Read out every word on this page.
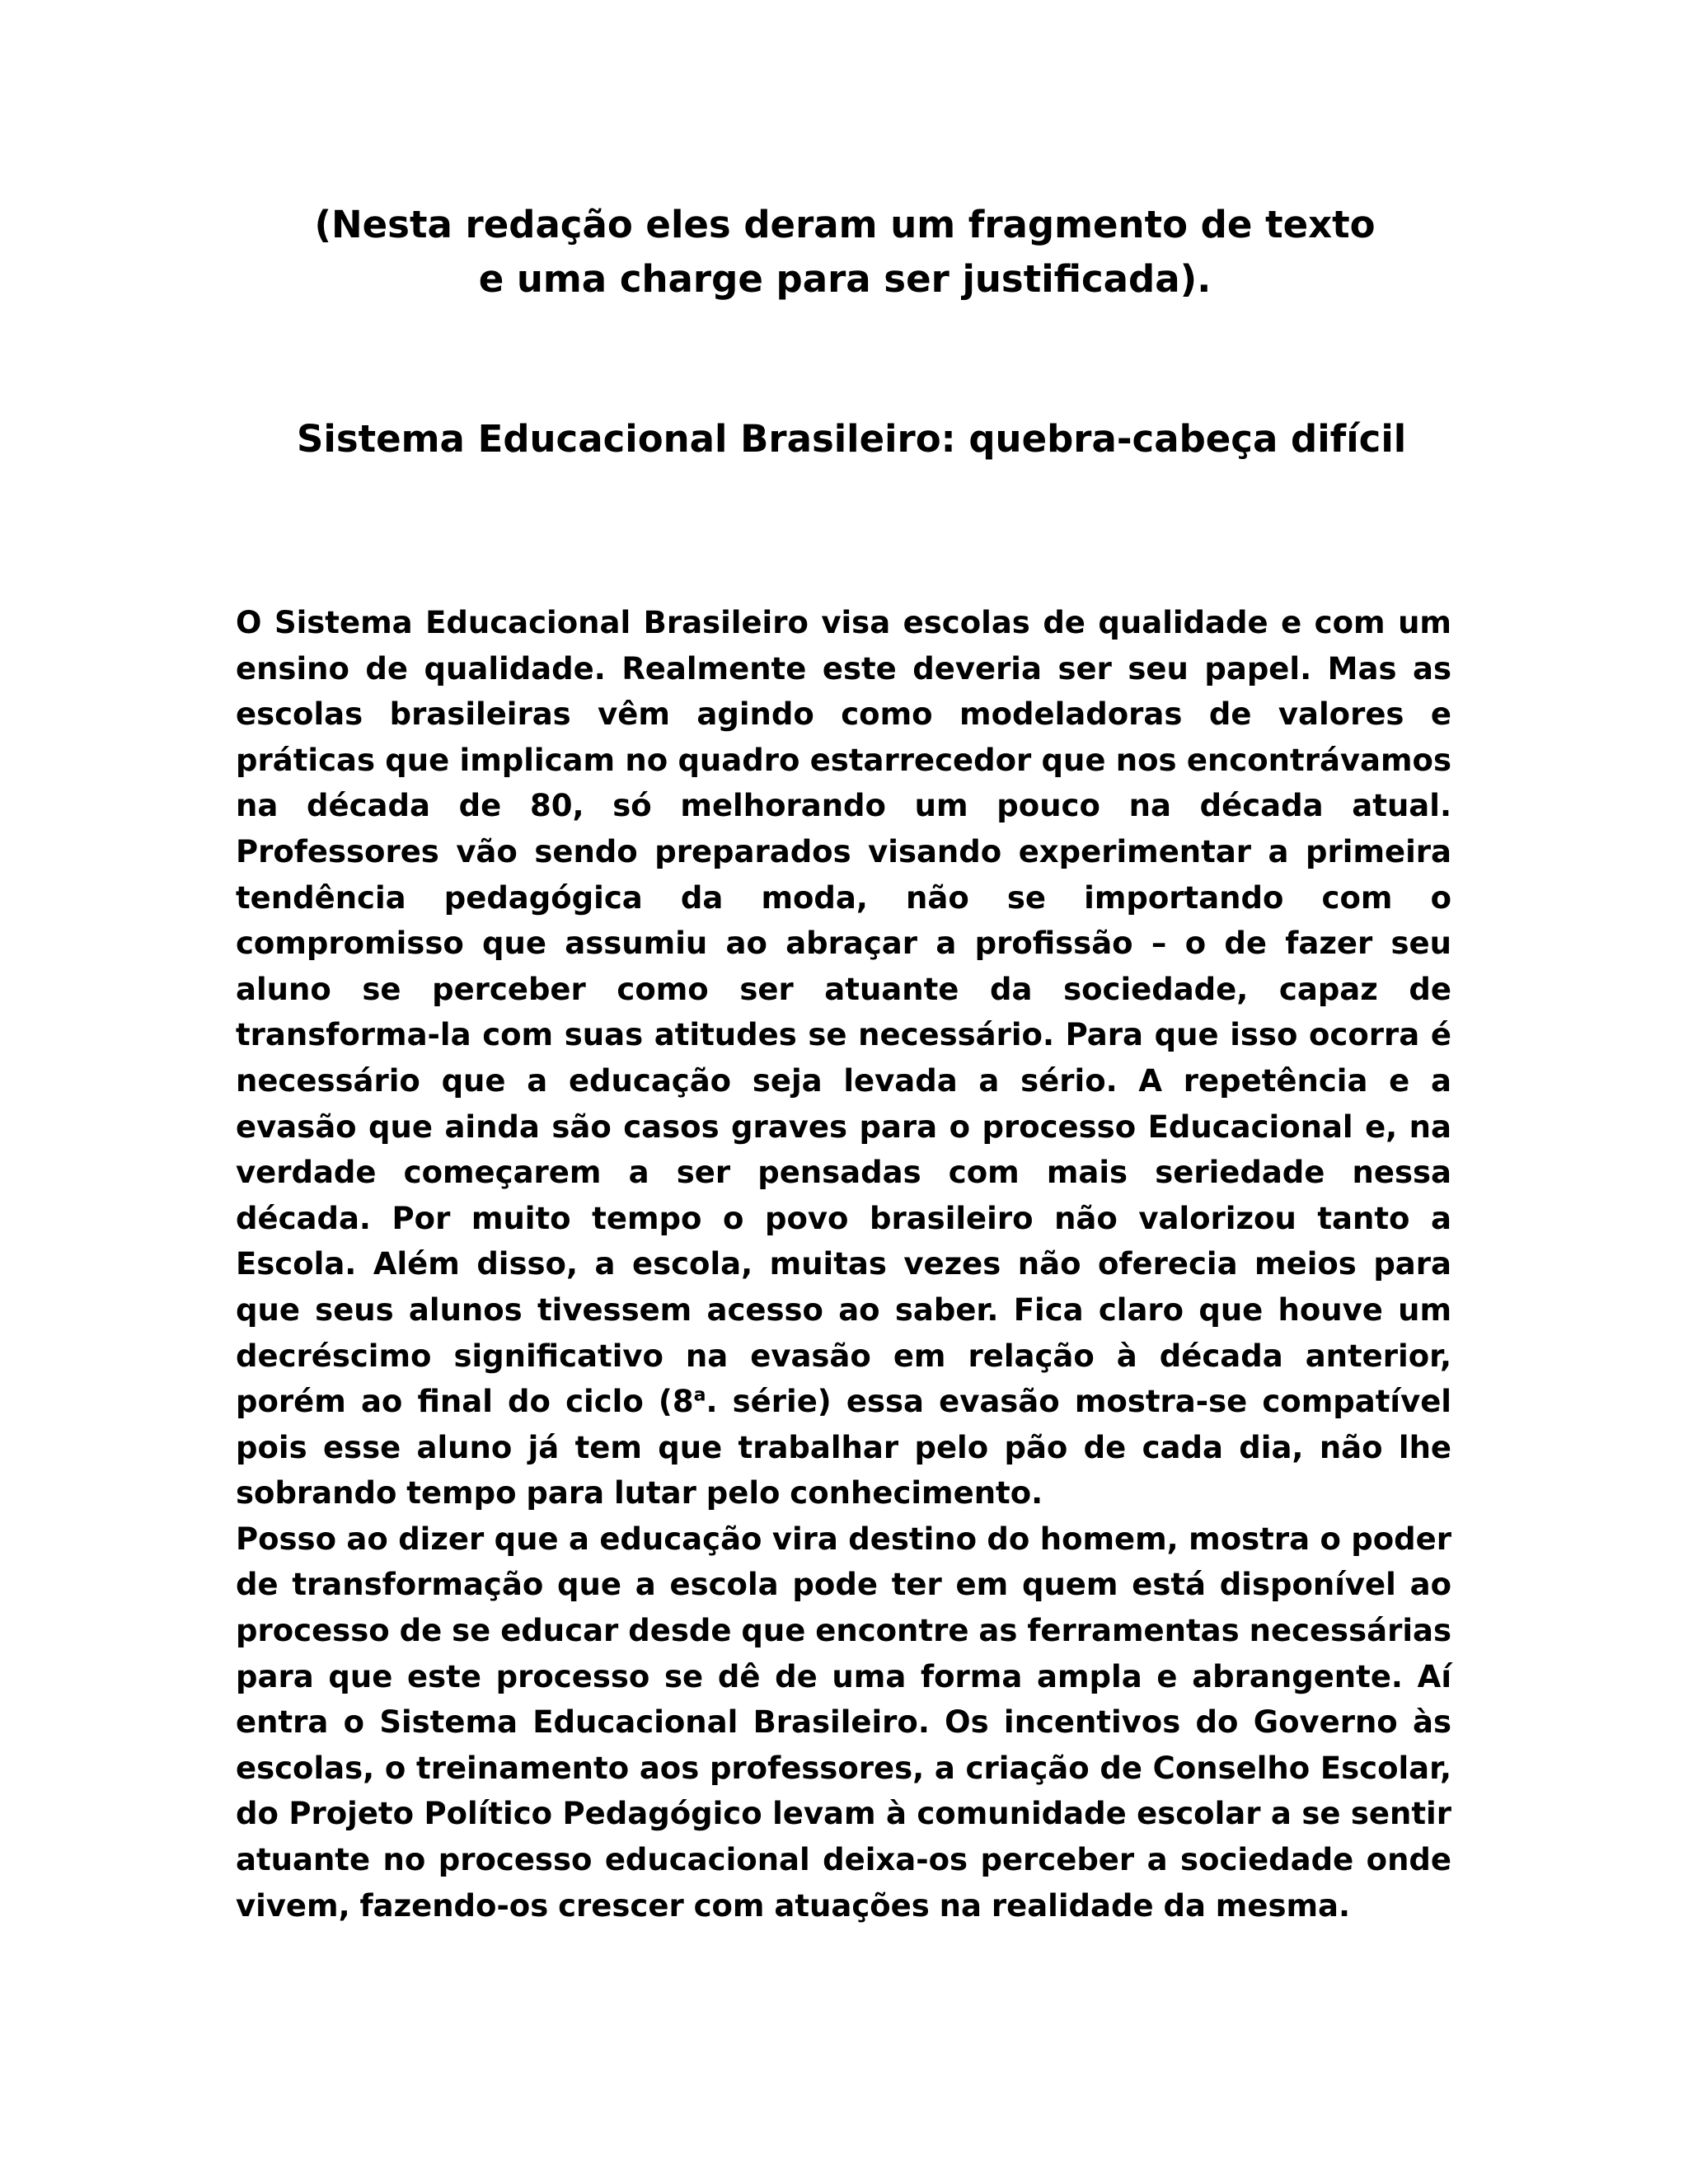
(Nesta redação eles deram um fragmento de texto e uma charge para ser justificada).
Sistema Educacional Brasileiro: quebra-cabeça difícil

O Sistema Educacional Brasileiro visa escolas de qualidade e com um ensino de qualidade. Realmente este deveria ser seu papel. Mas as escolas brasileiras vêm agindo como modeladoras de valores e práticas que implicam no quadro estarrecedor que nos encontrávamos na década de 80, só melhorando um pouco na década atual. Professores vão sendo preparados visando experimentar a primeira tendência pedagógica da moda, não se importando com o compromisso que assumiu ao abraçar a profissão – o de fazer seu aluno se perceber como ser atuante da sociedade, capaz de transforma-la com suas atitudes se necessário. Para que isso ocorra é necessário que a educação seja levada a sério. A repetência e a evasão que ainda são casos graves para o processo Educacional e, na verdade começarem a ser pensadas com mais seriedade nessa década. Por muito tempo o povo brasileiro não valorizou tanto a Escola. Além disso, a escola, muitas vezes não oferecia meios para que seus alunos tivessem acesso ao saber. Fica claro que houve um decréscimo significativo na evasão em relação à década anterior, porém ao final do ciclo (8$^a$. série) essa evasão mostra-se compatível pois esse aluno já tem que trabalhar pelo pão de cada dia, não lhe sobrando tempo para lutar pelo conhecimento.

Posso ao dizer que a educação vira destino do homem, mostra o poder de transformação que a escola pode ter em quem está disponível ao processo de se educar desde que encontre as ferramentas necessárias para que este processo se dê de uma forma ampla e abrangente. Aí entra o Sistema Educacional Brasileiro. Os incentivos do Governo às escolas, o treinamento aos professores, a criação de Conselho Escolar, do Projeto Político Pedagógico levam à comunidade escolar a se sentir atuante no processo educacional deixa-os perceber a sociedade onde vivem, fazendo-os crescer com atuações na realidade da mesma.
